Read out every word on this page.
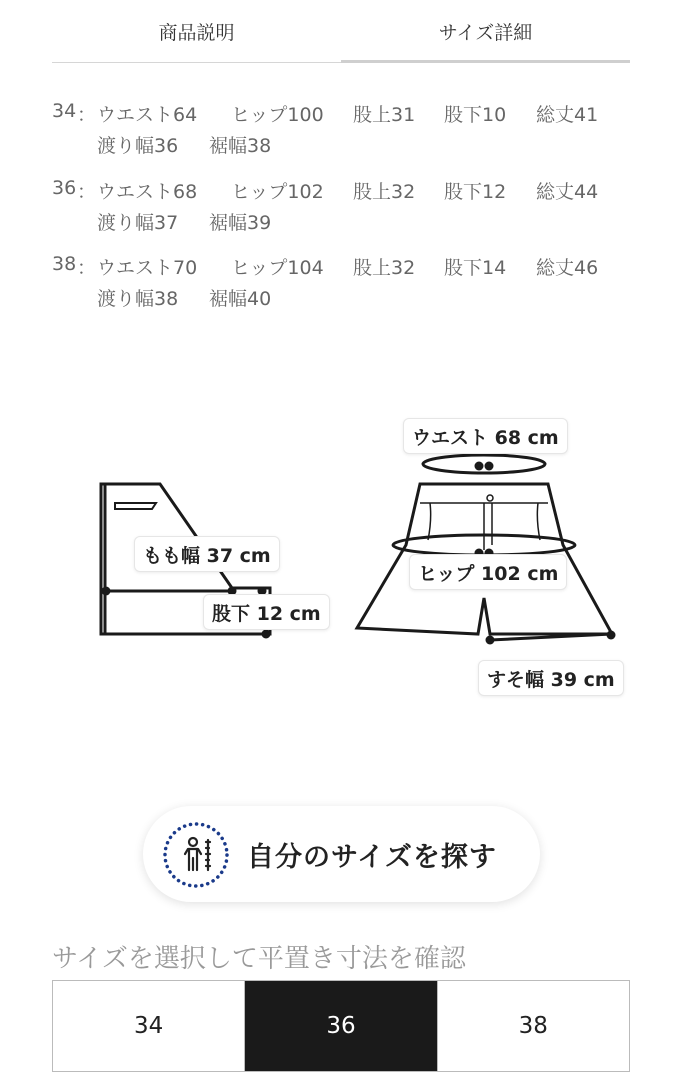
商品説明	サイズ詳細
34 ： ウエスト64 ヒップ100 股上31 股下10 総丈41
渡り幅36 裾幅38
36 ： ウエスト68 ヒップ102 股上32 股下12 総丈44
渡り幅37 裾幅39
38 ： ウエスト70 ヒップ104 股上32 股下14 総丈46
渡り幅38 裾幅40
ウエスト 68 cm
もも幅 37 cm
ヒップ 102 cm
股下 12 cm
すそ幅 39 cm
自分のサイズを探す
サイズを選択して平置き寸法を確認
34	36	38
